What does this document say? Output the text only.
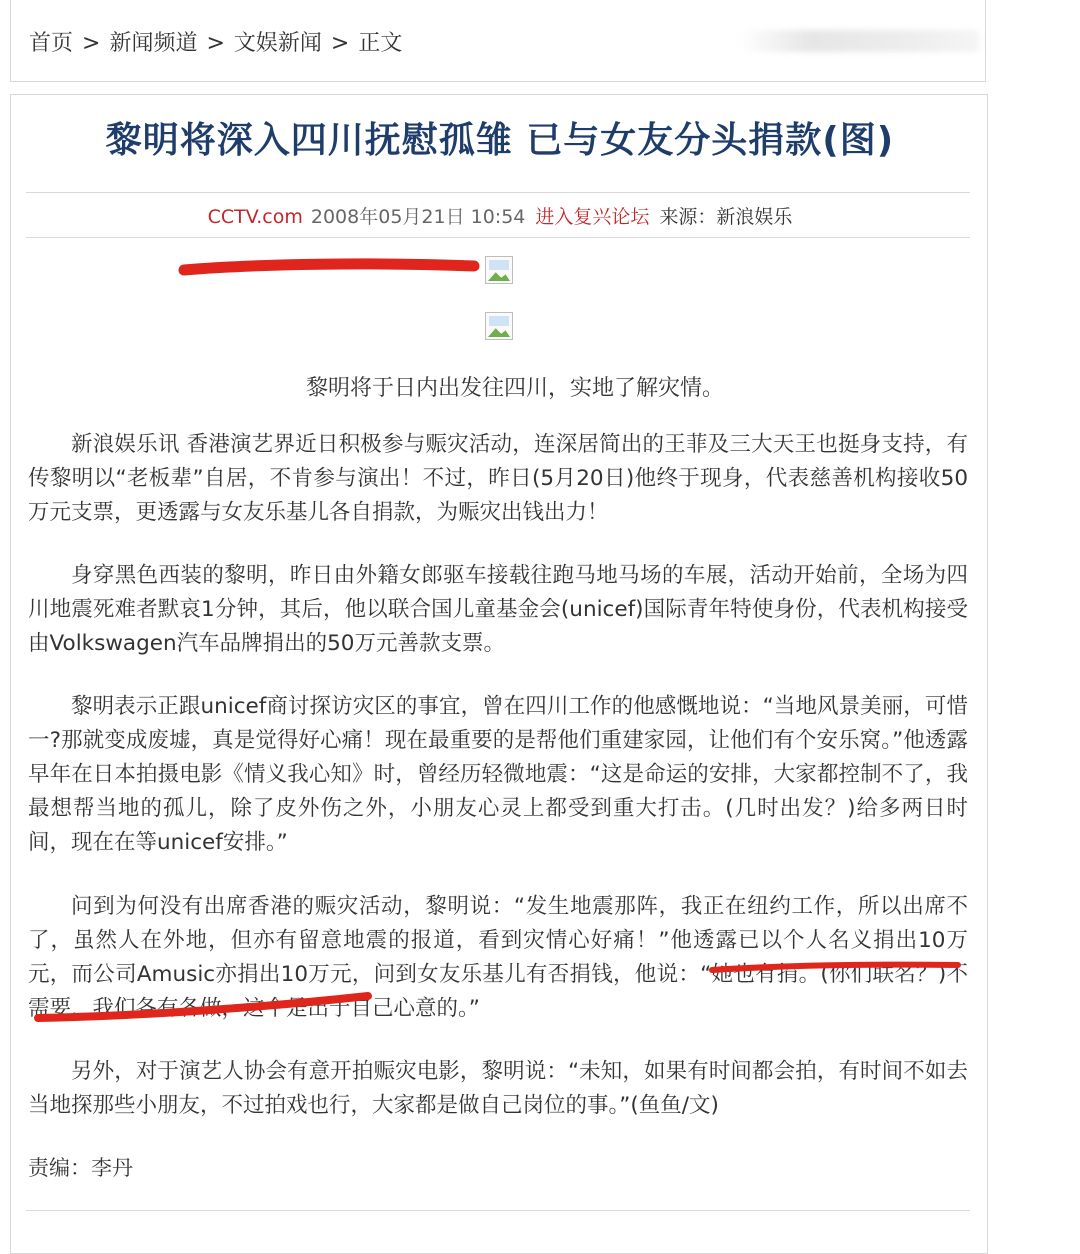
首页 > 新闻频道 > 文娱新闻 > 正文
黎明将深入四川抚慰孤雏 已与女友分头捐款(图)
CCTV.com 2008年05月21日 10:54 进入复兴论坛 来源：新浪娱乐
黎明将于日内出发往四川，实地了解灾情。

新浪娱乐讯 香港演艺界近日积极参与赈灾活动，连深居简出的王菲及三大天王也挺身支持，有传黎明以“老板辈”自居，不肯参与演出！不过，昨日(5月20日)他终于现身，代表慈善机构接收50万元支票，更透露与女友乐基儿各自捐款，为赈灾出钱出力！

身穿黑色西装的黎明，昨日由外籍女郎驱车接载往跑马地马场的车展，活动开始前，全场为四川地震死难者默哀1分钟，其后，他以联合国儿童基金会(unicef)国际青年特使身份，代表机构接受由Volkswagen汽车品牌捐出的50万元善款支票。

黎明表示正跟unicef商讨探访灾区的事宜，曾在四川工作的他感慨地说：“当地风景美丽，可惜一?那就变成废墟，真是觉得好心痛！现在最重要的是帮他们重建家园，让他们有个安乐窝。”他透露早年在日本拍摄电影《情义我心知》时，曾经历轻微地震：“这是命运的安排，大家都控制不了，我最想帮当地的孤儿，除了皮外伤之外，小朋友心灵上都受到重大打击。(几时出发？)给多两日时间，现在在等unicef安排。”

问到为何没有出席香港的赈灾活动，黎明说：“发生地震那阵，我正在纽约工作，所以出席不了，虽然人在外地，但亦有留意地震的报道，看到灾情心好痛！”他透露已以个人名义捐出10万元，而公司Amusic亦捐出10万元，问到女友乐基儿有否捐钱，他说：“她也有捐。(你们联名？)不需要，我们各有各做，这个是出于自己心意的。”

另外，对于演艺人协会有意开拍赈灾电影，黎明说：“未知，如果有时间都会拍，有时间不如去当地探那些小朋友，不过拍戏也行，大家都是做自己岗位的事。”(鱼鱼/文)

责编：李丹
